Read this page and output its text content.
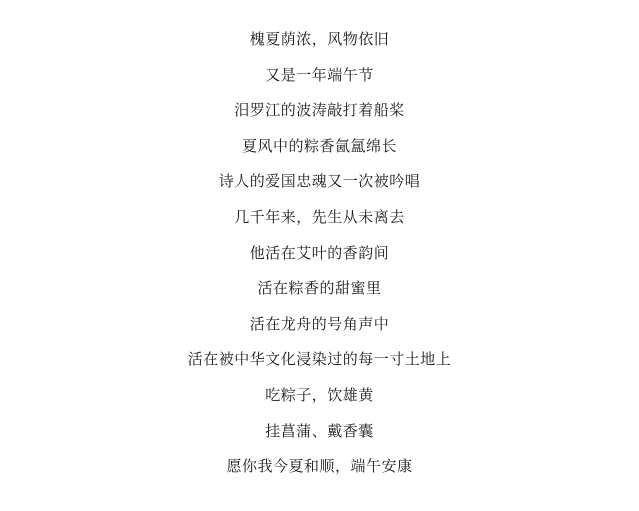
槐夏荫浓，风物依旧

又是一年端午节

汨罗江的波涛敲打着船桨

夏风中的粽香氤氲绵长

诗人的爱国忠魂又一次被吟唱

几千年来，先生从未离去

他活在艾叶的香韵间

活在粽香的甜蜜里

活在龙舟的号角声中

活在被中华文化浸染过的每一寸土地上

吃粽子，饮雄黄

挂菖蒲、戴香囊

愿你我今夏和顺，端午安康
